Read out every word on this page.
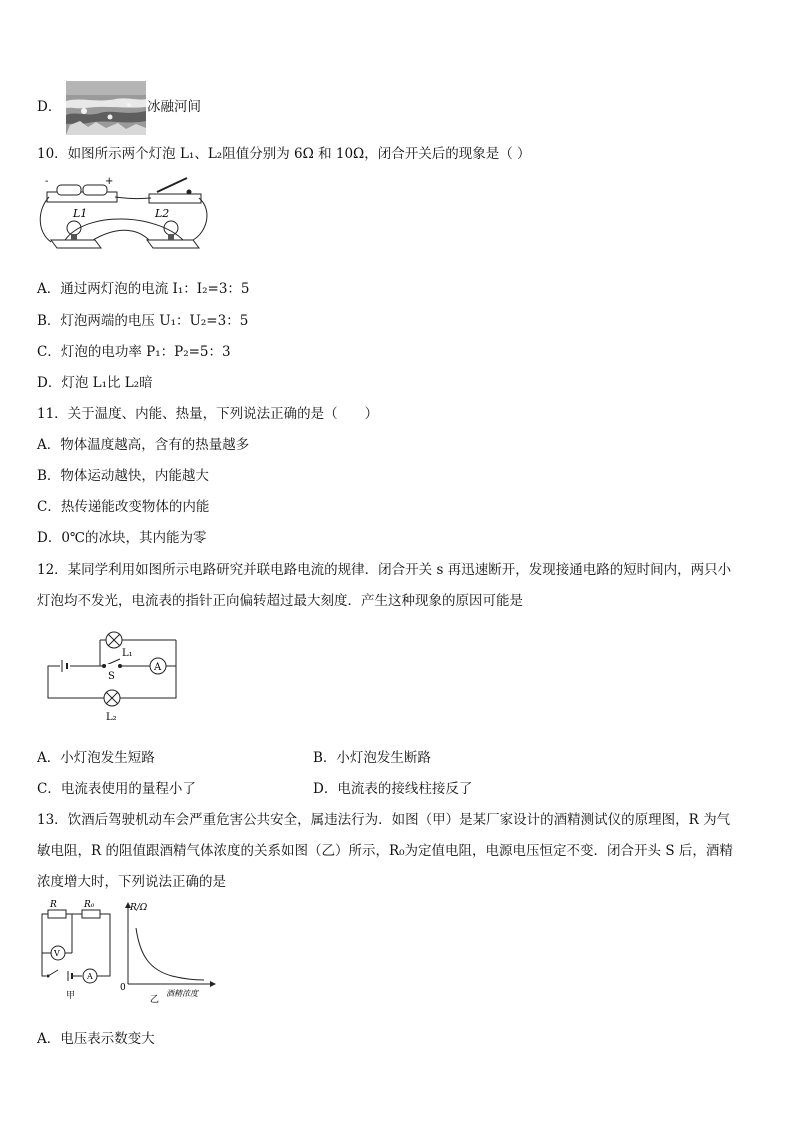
D．	冰融河间
10．如图所示两个灯泡 L₁、L₂阻值分别为 6Ω 和 10Ω，闭合开关后的现象是（ ）
-	+
L1	L2
A．通过两灯泡的电流 I₁：I₂=3：5
B．灯泡两端的电压 U₁：U₂=3：5
C．灯泡的电功率 P₁：P₂=5：3
D．灯泡 L₁比 L₂暗
11．关于温度、内能、热量，下列说法正确的是（　　）
A．物体温度越高，含有的热量越多
B．物体运动越快，内能越大
C．热传递能改变物体的内能
D．0℃的冰块，其内能为零
12．某同学利用如图所示电路研究并联电路电流的规律．闭合开关 s 再迅速断开，发现接通电路的短时间内，两只小
灯泡均不发光，电流表的指针正向偏转超过最大刻度．产生这种现象的原因可能是
A
L₁
S
L₂
A．小灯泡发生短路	B．小灯泡发生断路
C．电流表使用的量程小了	D．电流表的接线柱接反了
13．饮酒后驾驶机动车会严重危害公共安全，属违法行为．如图（甲）是某厂家设计的酒精测试仪的原理图，R 为气
敏电阻，R 的阻值跟酒精气体浓度的关系如图（乙）所示，R₀为定值电阻，电源电压恒定不变．闭合开头 S 后，酒精
浓度增大时，下列说法正确的是
V
A
R	R₀
甲
R/Ω
0
酒精浓度
乙
A．电压表示数变大
